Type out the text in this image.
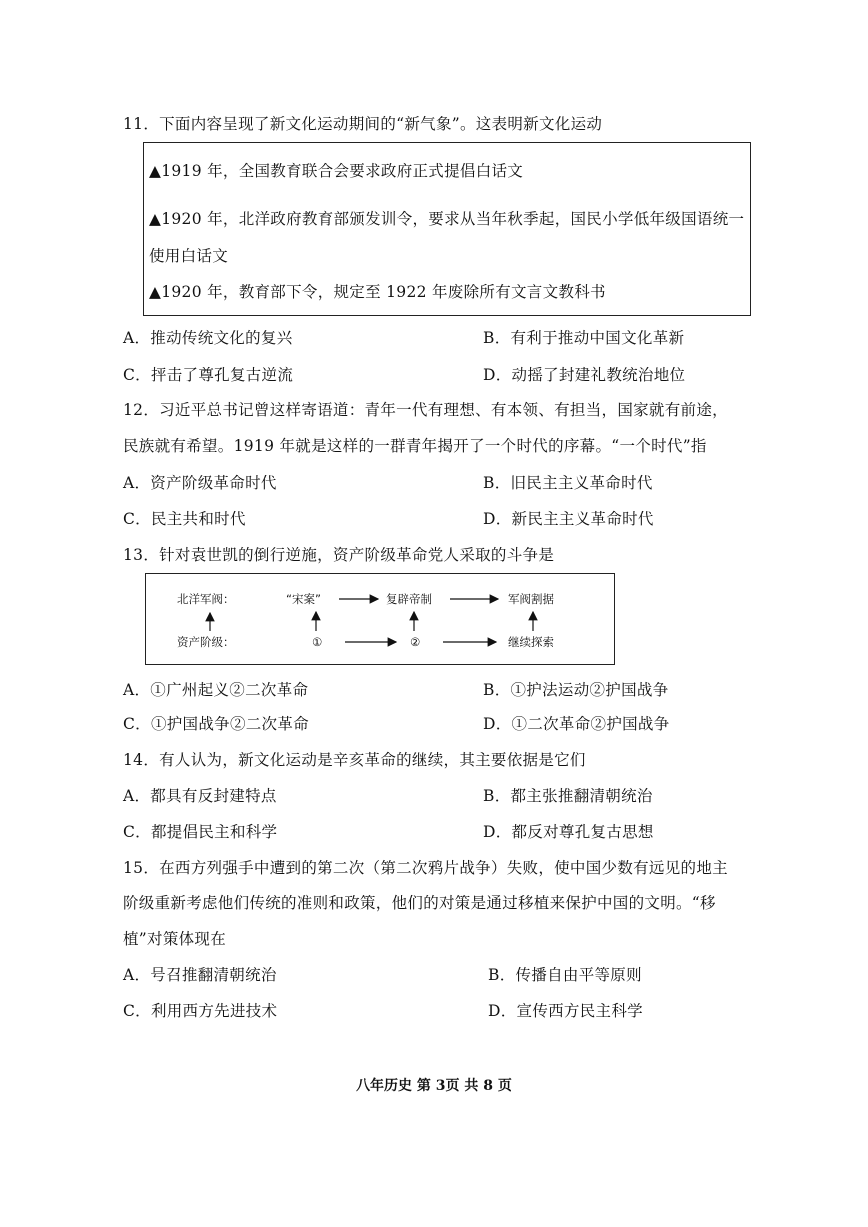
11．下面内容呈现了新文化运动期间的“新气象”。这表明新文化运动
▲1919 年，全国教育联合会要求政府正式提倡白话文
▲1920 年，北洋政府教育部颁发训令，要求从当年秋季起，国民小学低年级国语统一
使用白话文
▲1920 年，教育部下令，规定至 1922 年废除所有文言文教科书
A．推动传统文化的复兴	B．有利于推动中国文化革新
C．抨击了尊孔复古逆流	D．动摇了封建礼教统治地位
12．习近平总书记曾这样寄语道：青年一代有理想、有本领、有担当，国家就有前途，
民族就有希望。1919 年就是这样的一群青年揭开了一个时代的序幕。“一个时代”指
A．资产阶级革命时代	B．旧民主主义革命时代
C．民主共和时代	D．新民主主义革命时代
13．针对袁世凯的倒行逆施，资产阶级革命党人采取的斗争是
北洋军阀：	“宋案”	复辟帝制	军阀割据
资产阶级：	①	②	继续探索
A．①广州起义②二次革命	B．①护法运动②护国战争
C．①护国战争②二次革命	D．①二次革命②护国战争
14．有人认为，新文化运动是辛亥革命的继续，其主要依据是它们
A．都具有反封建特点	B．都主张推翻清朝统治
C．都提倡民主和科学	D．都反对尊孔复古思想
15．在西方列强手中遭到的第二次（第二次鸦片战争）失败，使中国少数有远见的地主
阶级重新考虑他们传统的准则和政策，他们的对策是通过移植来保护中国的文明。“移
植”对策体现在
A．号召推翻清朝统治	B．传播自由平等原则
C．利用西方先进技术	D．宣传西方民主科学
八年历史 第 3页 共 8 页
